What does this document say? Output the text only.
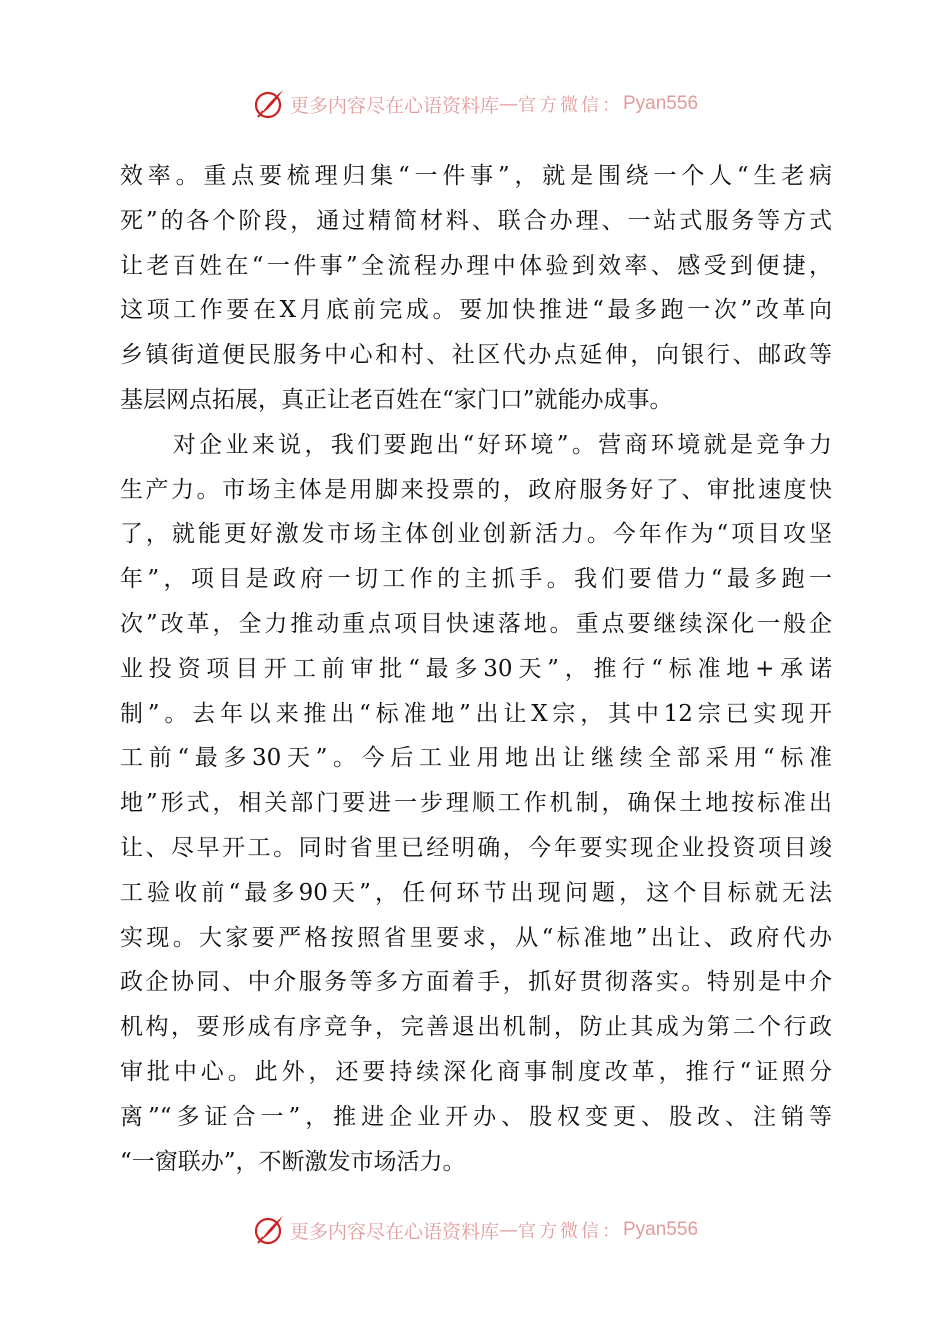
更多内容尽在心语资料库 — 官方微信： Pyan556
效率。重点要梳理归集“一件事”，就是围绕一个人“生老病
死”的各个阶段，通过精简材料、联合办理、一站式服务等方式
让老百姓在“一件事”全流程办理中体验到效率、感受到便捷，
这项工作要在X月底前完成。要加快推进“最多跑一次”改革向
乡镇街道便民服务中心和村、社区代办点延伸，向银行、邮政等
基层网点拓展，真正让老百姓在“家门口”就能办成事。
　　对企业来说，我们要跑出“好环境”。营商环境就是竞争力
生产力。市场主体是用脚来投票的，政府服务好了、审批速度快
了，就能更好激发市场主体创业创新活力。今年作为“项目攻坚
年”，项目是政府一切工作的主抓手。我们要借力“最多跑一
次”改革，全力推动重点项目快速落地。重点要继续深化一般企
业投资项目开工前审批“最多30天”，推行“标准地+承诺
制”。去年以来推出“标准地”出让X宗，其中12宗已实现开
工前“最多30天”。今后工业用地出让继续全部采用“标准
地”形式，相关部门要进一步理顺工作机制，确保土地按标准出
让、尽早开工。同时省里已经明确，今年要实现企业投资项目竣
工验收前“最多90天”，任何环节出现问题，这个目标就无法
实现。大家要严格按照省里要求，从“标准地”出让、政府代办
政企协同、中介服务等多方面着手，抓好贯彻落实。特别是中介
机构，要形成有序竞争，完善退出机制，防止其成为第二个行政
审批中心。此外，还要持续深化商事制度改革，推行“证照分
离”“多证合一”，推进企业开办、股权变更、股改、注销等
“一窗联办”，不断激发市场活力。
更多内容尽在心语资料库 — 官方微信： Pyan556
